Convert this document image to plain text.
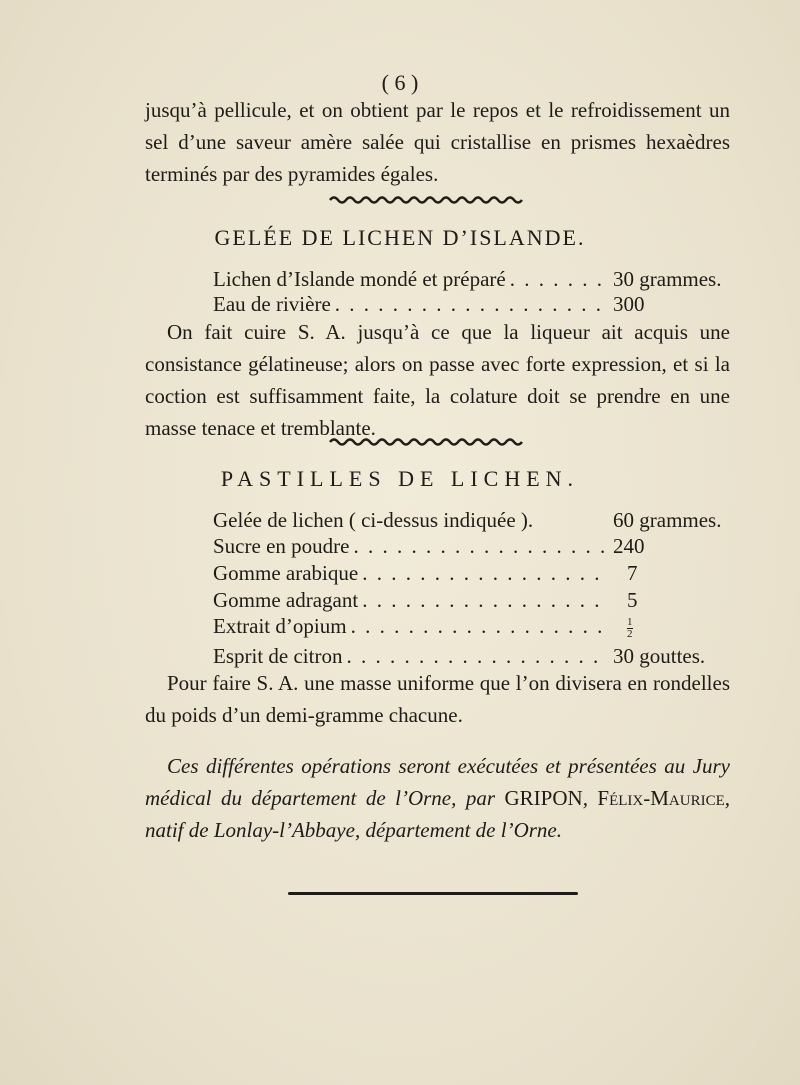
( 6 )

jusqu’à pellicule, et on obtient par le repos et le refroidissement un sel d’une saveur amère salée qui cristallise en prismes hexaèdres terminés par des pyramides égales.

GELÉE DE LICHEN D’ISLANDE.
Lichen d’Islande mondé et préparé . . .	30 grammes.
Eau de rivière . . .	300

On fait cuire S. A. jusqu’à ce que la liqueur ait acquis une consistance gélatineuse; alors on passe avec forte expression, et si la coction est suffisamment faite, la colature doit se prendre en une masse tenace et tremblante.

PASTILLES DE LICHEN.
Gelée de lichen ( ci-dessus indiquée ).	60 grammes.
Sucre en poudre . . .	240
Gomme arabique . . .	7
Gomme adragant . . .	5
Extrait d’opium . . .	$\frac{1}{2}$
Esprit de citron . . .	30 gouttes.

Pour faire S. A. une masse uniforme que l’on divisera en rondelles du poids d’un demi-gramme chacune.

Ces différentes opérations seront exécutées et présentées au Jury médical du département de l’Orne, par GRIPON, Félix-Maurice, natif de Lonlay-l’Abbaye, département de l’Orne.
